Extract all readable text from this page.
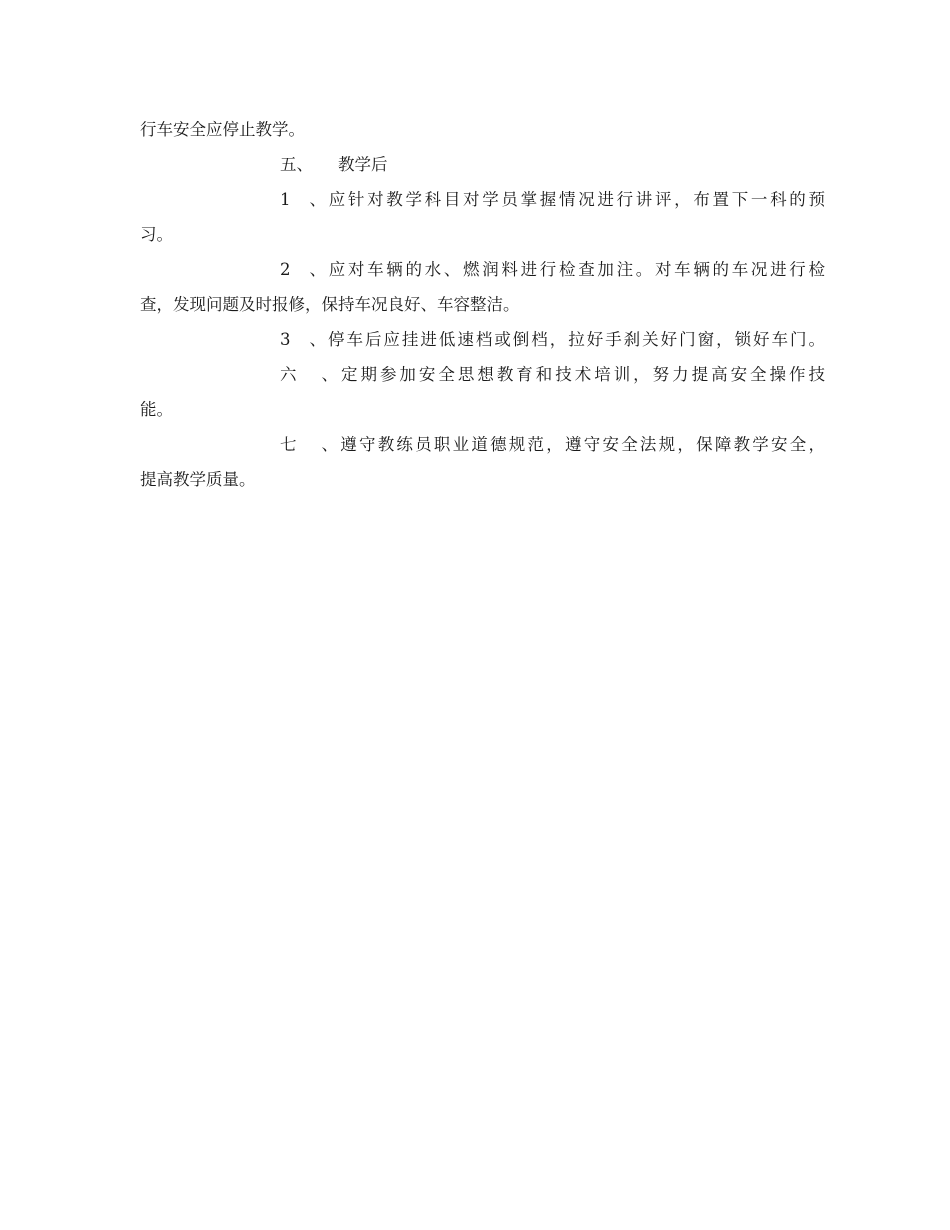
行车安全应停止教学。
五、 教学后
1、应针对教学科目对学员掌握情况进行讲评，布置下一科的预
习。
2、应对车辆的水、燃润料进行检查加注。对车辆的车况进行检
查，发现问题及时报修，保持车况良好、车容整洁。
3、停车后应挂进低速档或倒档，拉好手刹关好门窗，锁好车门。
六、定期参加安全思想教育和技术培训，努力提高安全操作技
能。
七、遵守教练员职业道德规范，遵守安全法规，保障教学安全，
提高教学质量。
